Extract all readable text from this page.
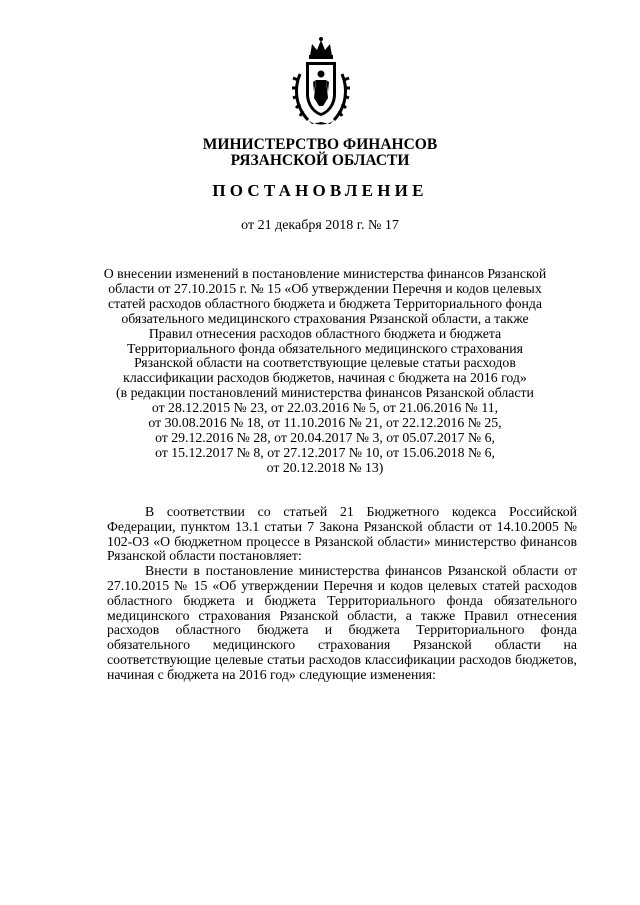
МИНИСТЕРСТВО ФИНАНСОВ
РЯЗАНСКОЙ ОБЛАСТИ
ПОСТАНОВЛЕНИЕ
от 21 декабря 2018 г. № 17
О внесении изменений в постановление министерства финансов Рязанской
области от 27.10.2015 г. № 15 «Об утверждении Перечня и кодов целевых
статей расходов областного бюджета и бюджета Территориального фонда
обязательного медицинского страхования Рязанской области, а также
Правил отнесения расходов областного бюджета и бюджета
Территориального фонда обязательного медицинского страхования
Рязанской области на соответствующие целевые статьи расходов
классификации расходов бюджетов, начиная с бюджета на 2016 год»
(в редакции постановлений министерства финансов Рязанской области
от 28.12.2015 № 23, от 22.03.2016 № 5, от 21.06.2016 № 11,
от 30.08.2016 № 18, от 11.10.2016 № 21, от 22.12.2016 № 25,
от 29.12.2016 № 28, от 20.04.2017 № 3, от 05.07.2017 № 6,
от 15.12.2017 № 8, от 27.12.2017 № 10, от 15.06.2018 № 6,
от 20.12.2018 № 13)

В соответствии со статьей 21 Бюджетного кодекса Российской Федерации, пунктом 13.1 статьи 7 Закона Рязанской области от 14.10.2005 № 102-ОЗ «О бюджетном процессе в Рязанской области» министерство финансов Рязанской области постановляет:

Внести в постановление министерства финансов Рязанской области от 27.10.2015 № 15 «Об утверждении Перечня и кодов целевых статей расходов областного бюджета и бюджета Территориального фонда обязательного медицинского страхования Рязанской области, а также Правил отнесения расходов областного бюджета и бюджета Территориального фонда обязательного медицинского страхования Рязанской области на соответствующие целевые статьи расходов классификации расходов бюджетов, начиная с бюджета на 2016 год» следующие изменения:
